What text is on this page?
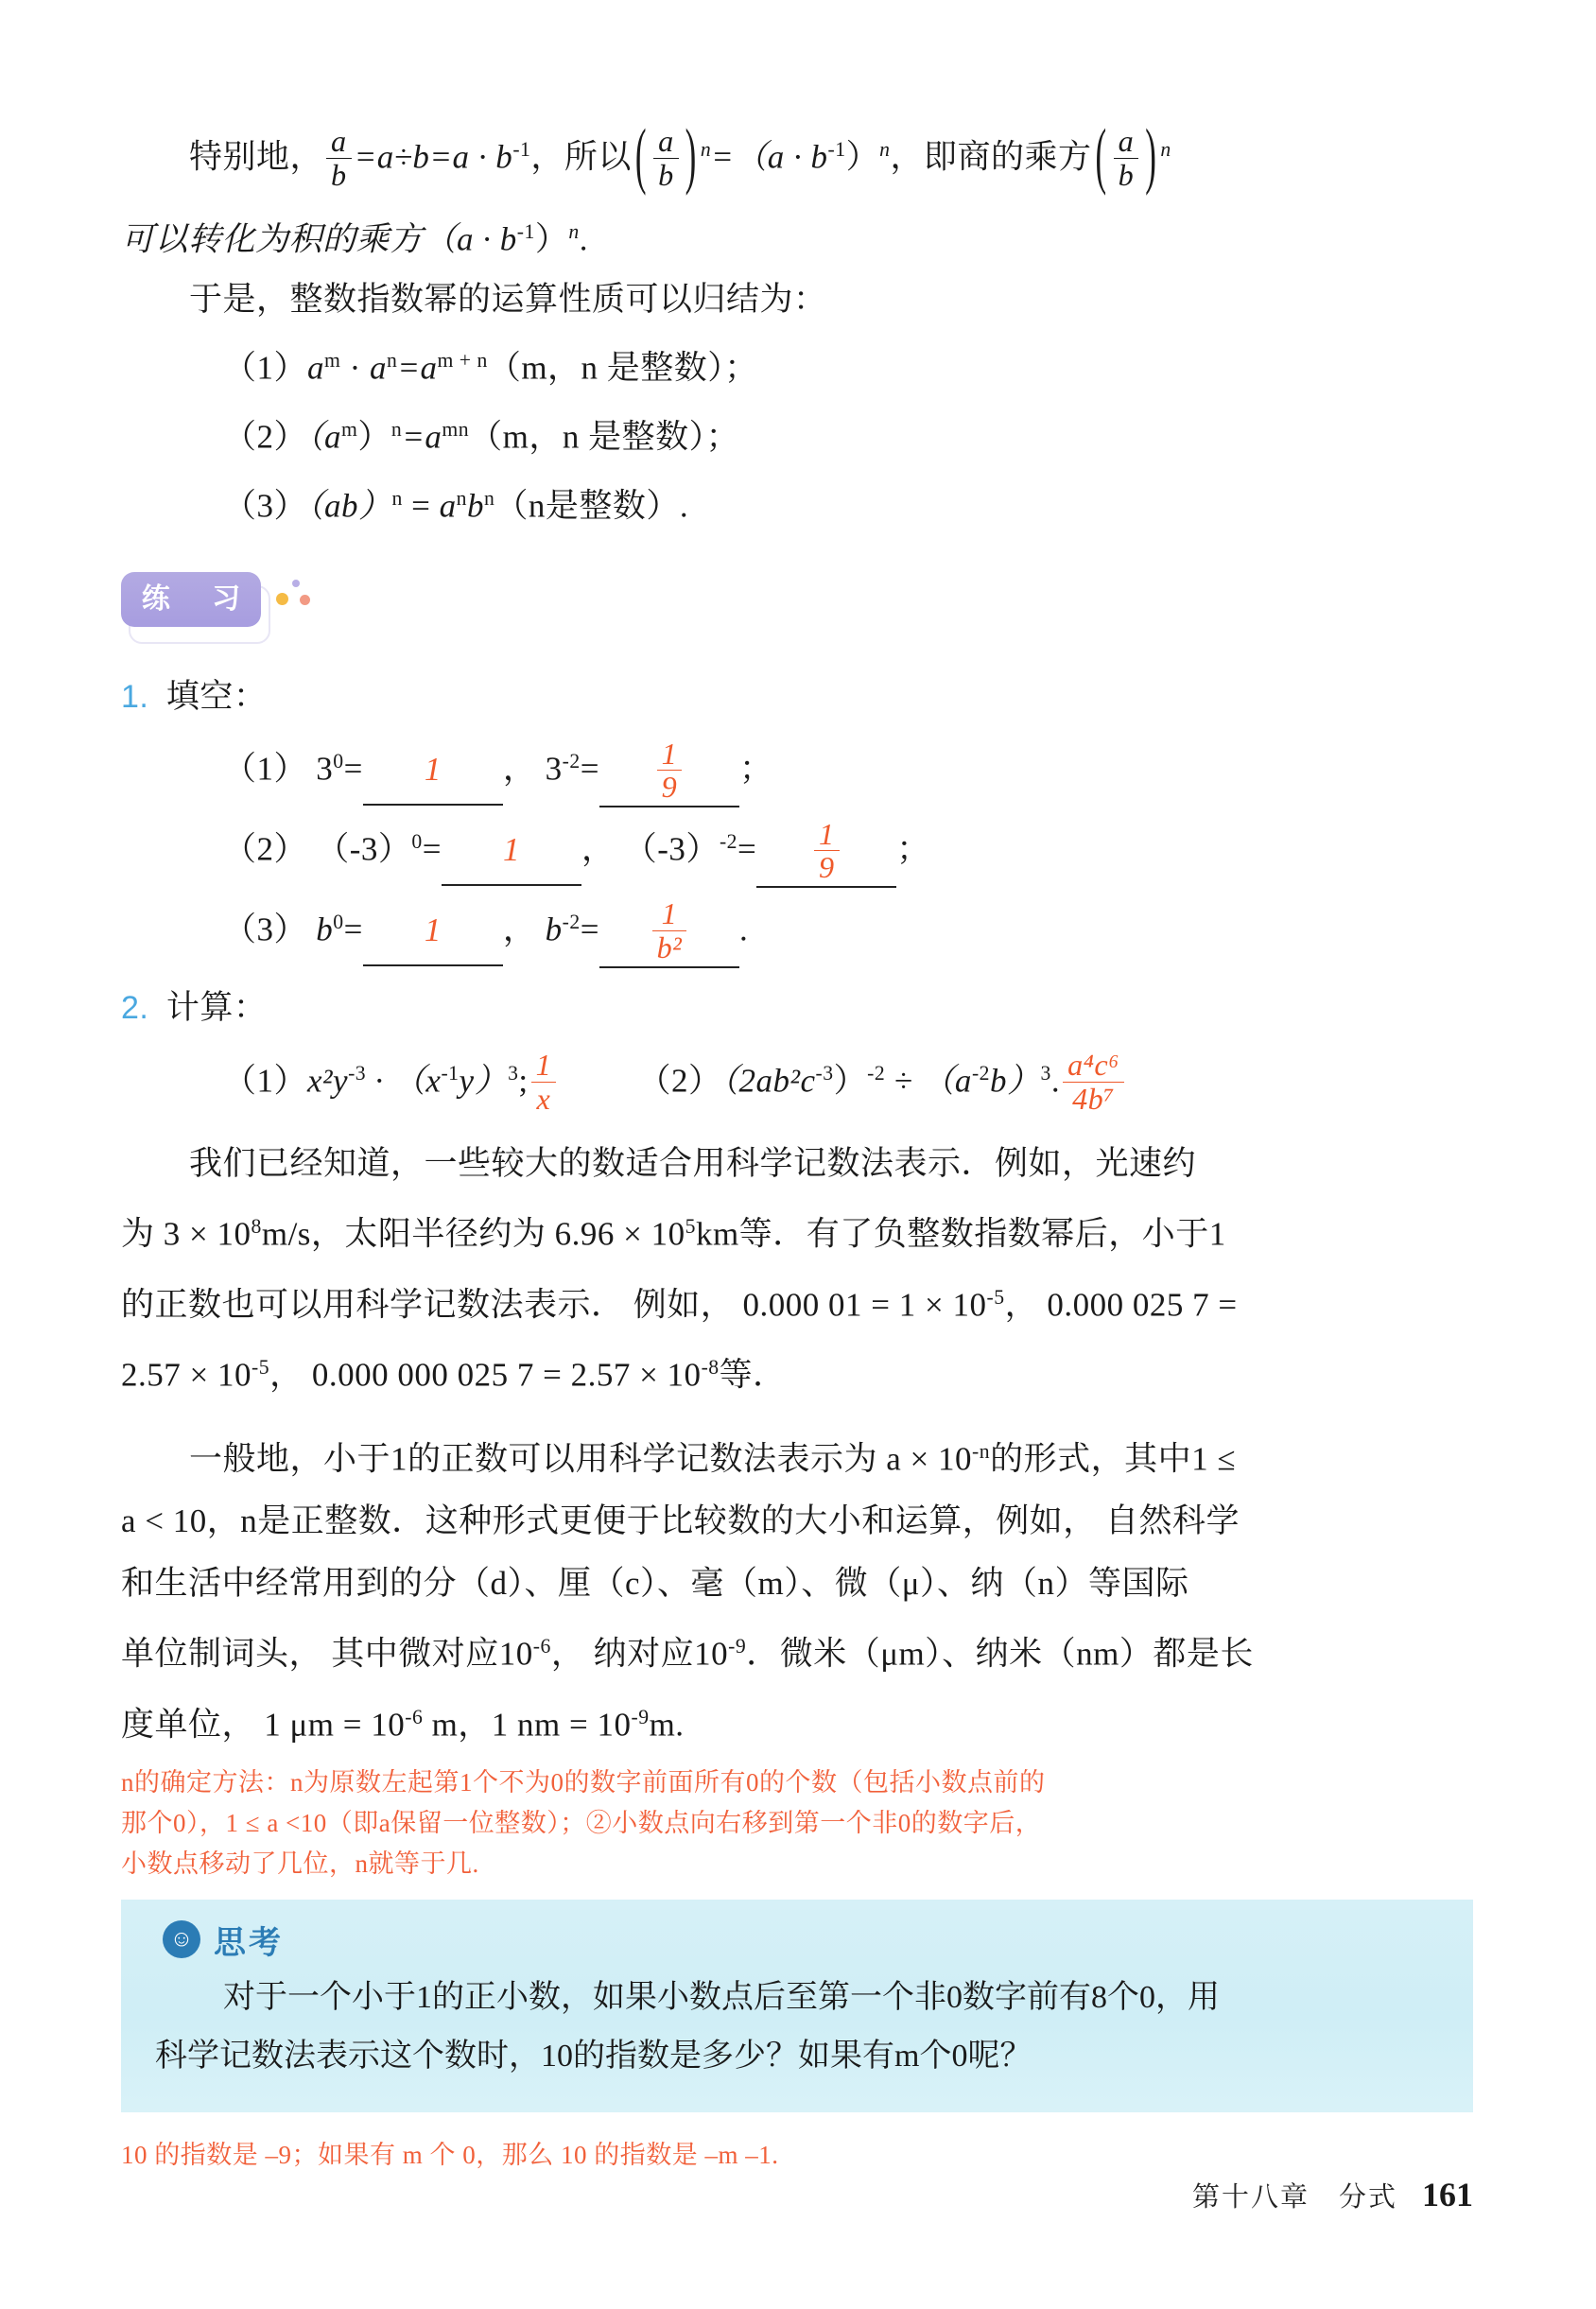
特别地， $\frac{a}{b} =a\div b=a \cdot b^{-1}$，所以 ( $\frac{a}{b}$ ) $^n=(a \cdot b^{-1})^n$，即商的乘方 ( $\frac{a}{b}$ ) $^n$
可以转化为积的乘方$(a \cdot b^{-1})^n$.
于是，整数指数幂的运算性质可以归结为：
$(1)a^m \cdot a^n=a^{m + n}(m$，n 是整数）；
$(2)(a^m)^n=a^{mn}(m$，n 是整数）；
$(3)(ab)^n = a^nb^n(n$是整数）.
练 习
1. 填空：
（1） $3^0= 1$ ， $3^{-2}= \frac{1}{9}$ ；
（2） $(-3)^0= 1$ ， $(-3)^{-2}= \frac{1}{9}$ ；
（3） $b^0= 1$ ， $b^{-2}= \frac{1}{\text{b²}}$ .
2. 计算：
$(1)x^2y^{-3} \cdot (x^{-1}y)^3$; $\frac{1}{x} (2)(2ab^2c^{-3})^{-2} \div (a^{-2}b)^3$. $\frac{\text{a⁴c⁶}}{\text{4b⁷}}$
我们已经知道，一些较大的数适合用科学记数法表示．例如，光速约
为 $3 \times 10^8m/s$，太阳半径约为 $6.96 \times 10^5km$等．有了负整数指数幂后，小于1
的正数也可以用科学记数法表示． 例如， 0.000 $01 = 1 \times 10^{-5}$， 0.000 025 7 =
$2.57 \times 10^{-5}$， 0.000 000 025 $7 = 2.57 \times 10^{-8}$等．
一般地，小于1的正数可以用科学记数法表示为 $a \times 10^{-n}$的形式，其中1 ≤
a < 10，n是正整数．这种形式更便于比较数的大小和运算，例如， 自然科学
和生活中经常用到的分（d）、厘（c）、毫（m）、微（μ）、纳（n）等国际
单位制词头， 其中微对应$10^{-6}$， 纳对应$10^{-9}$．微米（μm）、纳米（nm）都是长
度单位， 1 $\mu m = 10^{-6}$ m，1 nm = $10^{-9}m$.
n的确定方法：n为原数左起第1个不为0的数字前面所有0的个数（包括小数点前的
那个0），1 ≤ a <10（即a保留一位整数）；②小数点向右移到第一个非0的数字后，
小数点移动了几位，n就等于几.
☺ 思考
对于一个小于1的正小数，如果小数点后至第一个非0数字前有8个0，用
科学记数法表示这个数时，10的指数是多少？如果有m个0呢？
10 的指数是 –9；如果有 m 个 0，那么 10 的指数是 –m –1.
第十八章　分式 161
